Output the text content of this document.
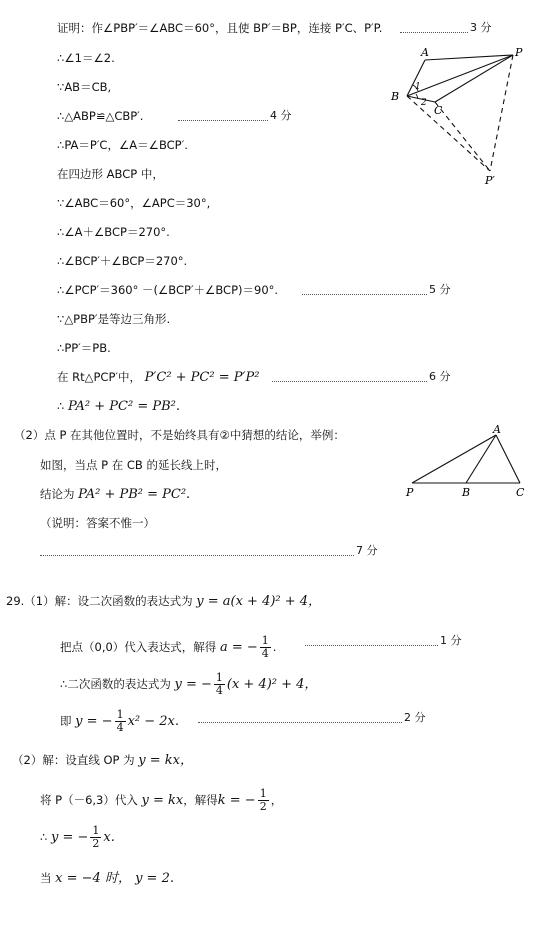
证明：作∠PBP′＝∠ABC＝60°，且使 BP′＝BP，连接 P′C、P′P.	3 分
∴∠1＝∠2.
∵AB＝CB,
∴△ABP≌△CBP′.	4 分
∴PA＝P′C，∠A＝∠BCP′.
在四边形 ABCP 中，
∵∠ABC＝60°，∠APC＝30°,
∴∠A＋∠BCP＝270°.
∴∠BCP′＋∠BCP＝270°.
∴∠PCP′＝360° －(∠BCP′＋∠BCP)＝90°.	5 分
∵△PBP′是等边三角形.
∴PP′＝PB.
在 Rt△PCP′中， P′C² + PC² = P′P²	6 分
∴ PA² + PC² = PB².
A	P
B
C
P′
1
2
（2）点 P 在其他位置时，不是始终具有②中猜想的结论，举例：
如图，当点 P 在 CB 的延长线上时，
结论为 PA² + PB² = PC².
（说明：答案不惟一）
7 分
A
P	B	C
29.（1）解：设二次函数的表达式为 y = a(x + 4)² + 4，
把点（0,0）代入表达式，解得 a = − $\frac{1}{4}$ .	1 分
∴二次函数的表达式为 y = − $\frac{1}{4} (x + 4)^2 + 4$，
即 y = − $\frac{1}{4} x^2 - 2x$.	2 分
（2）解：设直线 OP 为 y = kx，
将 P（－6,3）代入 y = kx，解得k = − $\frac{1}{2}$ ，
∴ y = − $\frac{1}{2} x$.
当 x = −4 时， y = 2.
